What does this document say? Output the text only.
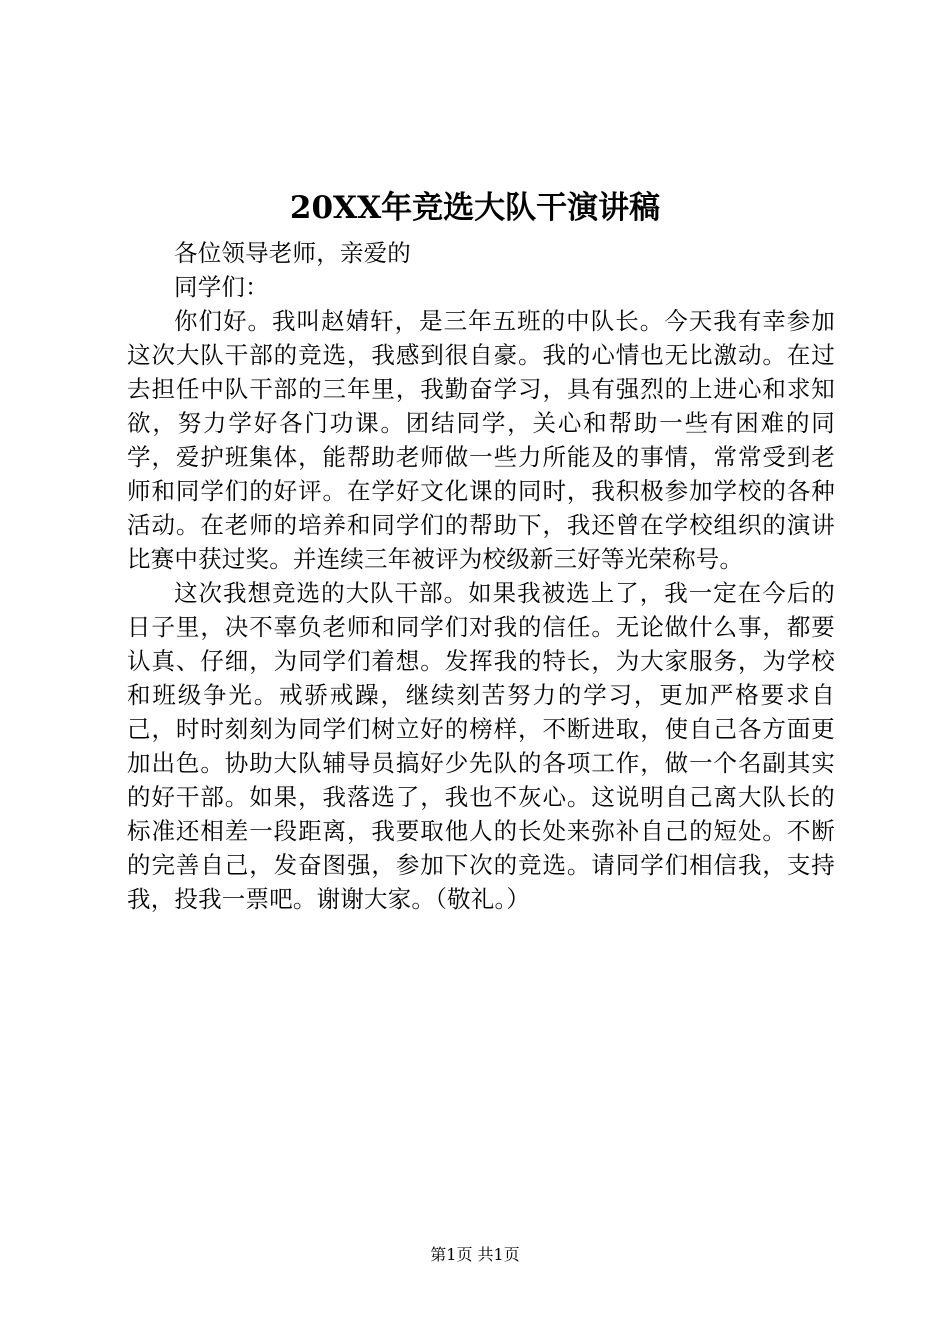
20XX年竞选大队干演讲稿

各位领导老师，亲爱的

同学们：

你们好。我叫赵婧轩，是三年五班的中队长。今天我有幸参加这次大队干部的竞选，我感到很自豪。我的心情也无比激动。在过去担任中队干部的三年里，我勤奋学习，具有强烈的上进心和求知欲，努力学好各门功课。团结同学，关心和帮助一些有困难的同学，爱护班集体，能帮助老师做一些力所能及的事情，常常受到老师和同学们的好评。在学好文化课的同时，我积极参加学校的各种活动。在老师的培养和同学们的帮助下，我还曾在学校组织的演讲比赛中获过奖。并连续三年被评为校级新三好等光荣称号。

这次我想竞选的大队干部。如果我被选上了，我一定在今后的日子里，决不辜负老师和同学们对我的信任。无论做什么事，都要认真、仔细，为同学们着想。发挥我的特长，为大家服务，为学校和班级争光。戒骄戒躁，继续刻苦努力的学习，更加严格要求自己，时时刻刻为同学们树立好的榜样，不断进取，使自己各方面更加出色。协助大队辅导员搞好少先队的各项工作，做一个名副其实的好干部。如果，我落选了，我也不灰心。这说明自己离大队长的标准还相差一段距离，我要取他人的长处来弥补自己的短处。不断的完善自己，发奋图强，参加下次的竞选。请同学们相信我，支持我，投我一票吧。谢谢大家。（敬礼。）

第1页 共1页
